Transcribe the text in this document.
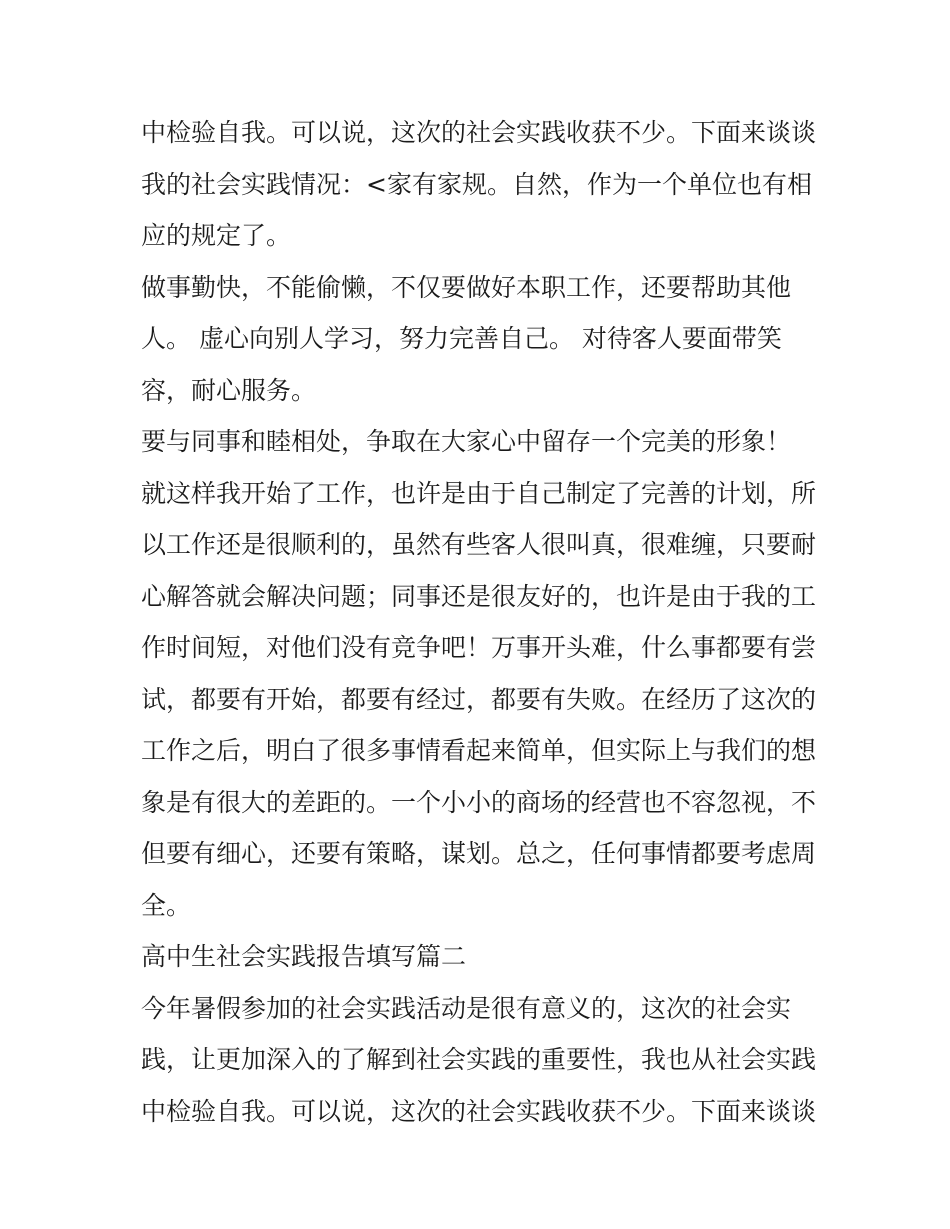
中检验自我。可以说，这次的社会实践收获不少。下面来谈谈
我的社会实践情况：<家有家规。自然，作为一个单位也有相
应的规定了。
做事勤快，不能偷懒，不仅要做好本职工作，还要帮助其他
人。 虚心向别人学习，努力完善自己。 对待客人要面带笑
容，耐心服务。
要与同事和睦相处，争取在大家心中留存一个完美的形象！
就这样我开始了工作，也许是由于自己制定了完善的计划，所
以工作还是很顺利的，虽然有些客人很叫真，很难缠，只要耐
心解答就会解决问题；同事还是很友好的，也许是由于我的工
作时间短，对他们没有竞争吧！万事开头难，什么事都要有尝
试，都要有开始，都要有经过，都要有失败。在经历了这次的
工作之后，明白了很多事情看起来简单，但实际上与我们的想
象是有很大的差距的。一个小小的商场的经营也不容忽视，不
但要有细心，还要有策略，谋划。总之，任何事情都要考虑周
全。
高中生社会实践报告填写篇二
今年暑假参加的社会实践活动是很有意义的，这次的社会实
践，让更加深入的了解到社会实践的重要性，我也从社会实践
中检验自我。可以说，这次的社会实践收获不少。下面来谈谈
